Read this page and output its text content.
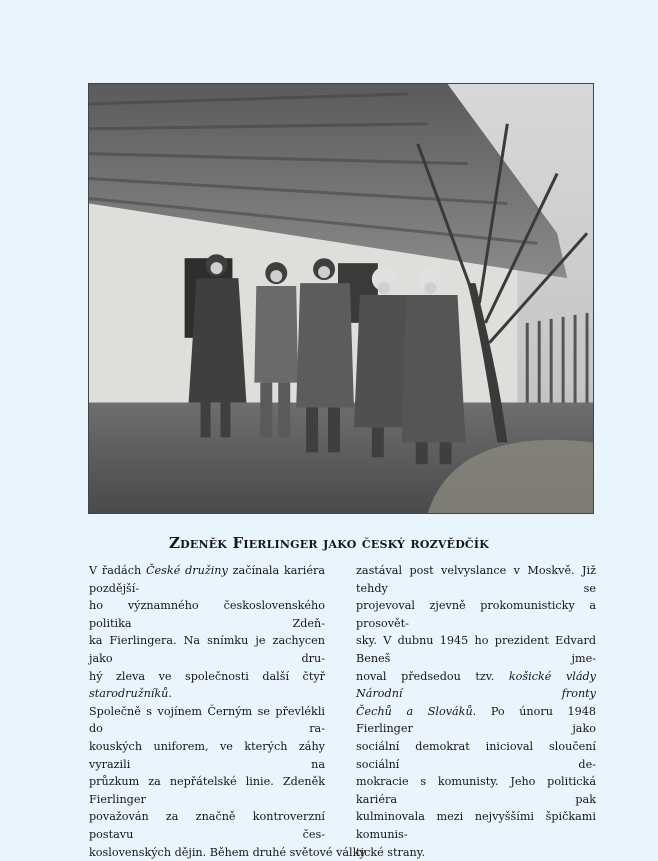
Zdeněk Fierlinger jako český rozvědčík
V řadách České družiny začínala kariéra pozdější-
ho významného československého politika Zdeň-
ka Fierlingera. Na snímku je zachycen jako dru-
hý zleva ve společnosti další čtyř starodružníků.
Společně s vojínem Černým se převlékli do ra-
kouských uniforem, ve kterých záhy vyrazili na
průzkum za nepřátelské linie. Zdeněk Fierlinger
považován za značně kontroverzní postavu čes-
koslovenských dějin. Během druhé světové války
zastával post velvyslance v Moskvě. Již tehdy se
projevoval zjevně prokomunisticky a prosovět-
sky. V dubnu 1945 ho prezident Edvard Beneš jme-
noval předsedou tzv. košické vlády Národní fronty
Čechů a Slováků. Po únoru 1948 Fierlinger jako
sociální demokrat inicioval sloučení sociální de-
mokracie s komunisty. Jeho politická kariéra pak
kulminovala mezi nejvyššími špičkami komunis-
tické strany.
